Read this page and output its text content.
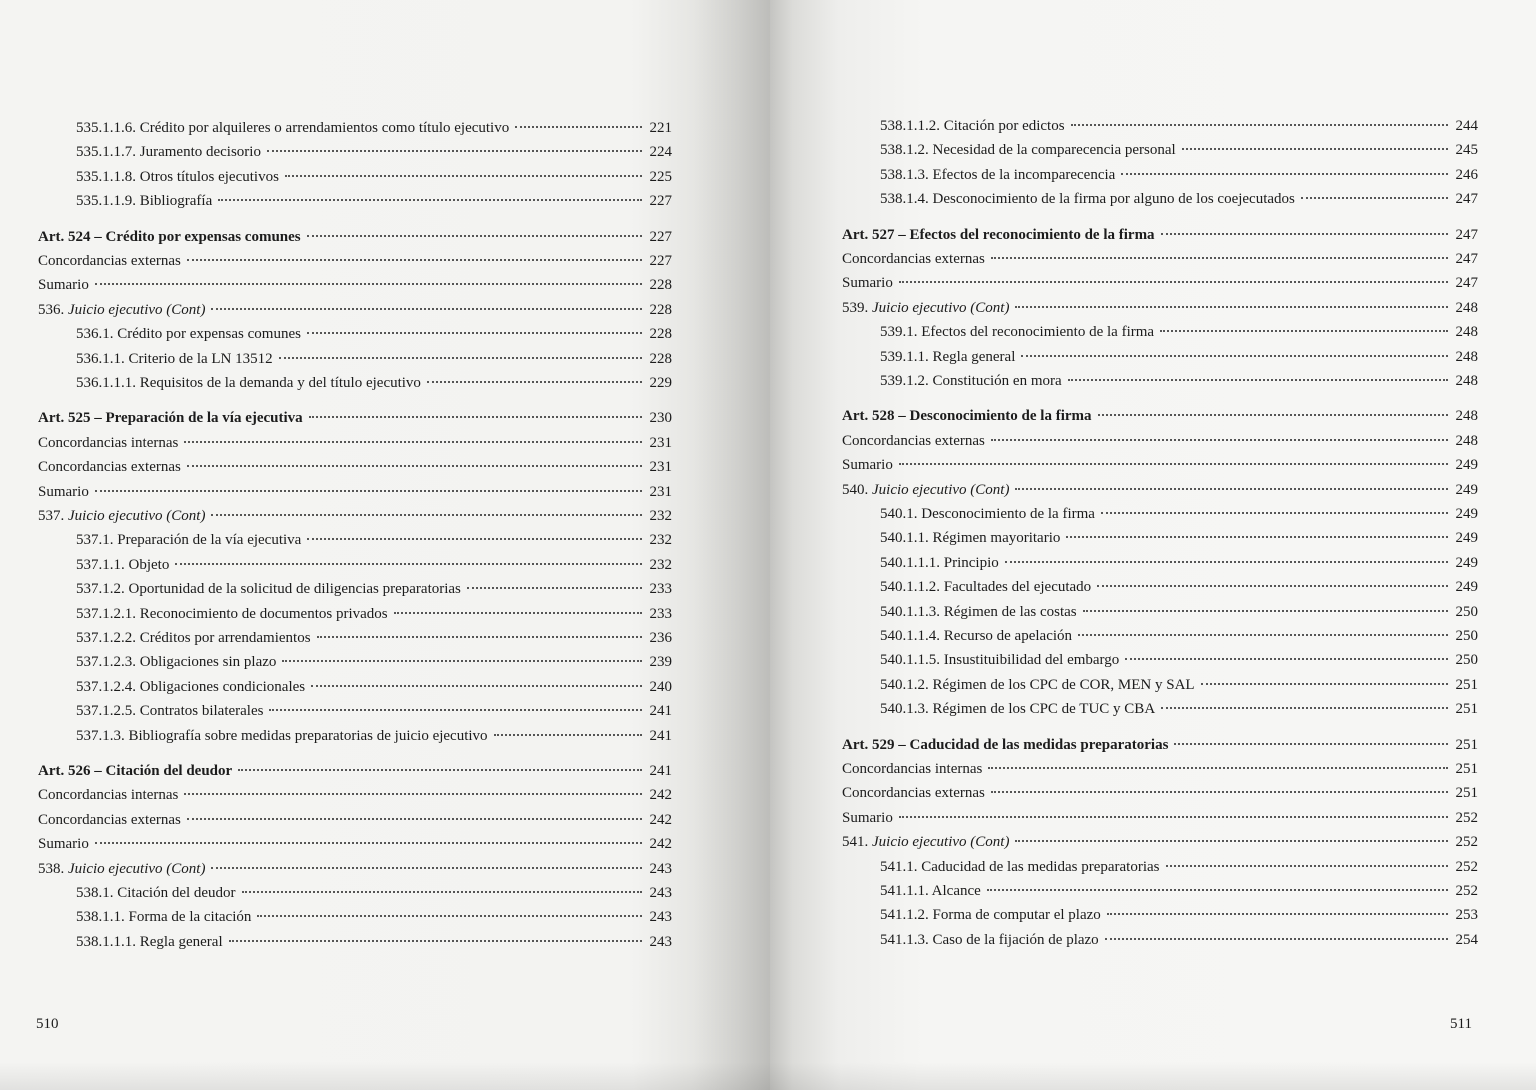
535.1.1.6. Crédito por alquileres o arrendamientos como título ejecutivo	221
535.1.1.7. Juramento decisorio	224
535.1.1.8. Otros títulos ejecutivos	225
535.1.1.9. Bibliografía	227
Art. 524 – Crédito por expensas comunes	227
Concordancias externas	227
Sumario	228
536. Juicio ejecutivo (Cont)	228
536.1. Crédito por expensas comunes	228
536.1.1. Criterio de la LN 13512	228
536.1.1.1. Requisitos de la demanda y del título ejecutivo	229
Art. 525 – Preparación de la vía ejecutiva	230
Concordancias internas	231
Concordancias externas	231
Sumario	231
537. Juicio ejecutivo (Cont)	232
537.1. Preparación de la vía ejecutiva	232
537.1.1. Objeto	232
537.1.2. Oportunidad de la solicitud de diligencias preparatorias	233
537.1.2.1. Reconocimiento de documentos privados	233
537.1.2.2. Créditos por arrendamientos	236
537.1.2.3. Obligaciones sin plazo	239
537.1.2.4. Obligaciones condicionales	240
537.1.2.5. Contratos bilaterales	241
537.1.3. Bibliografía sobre medidas preparatorias de juicio ejecutivo	241
Art. 526 – Citación del deudor	241
Concordancias internas	242
Concordancias externas	242
Sumario	242
538. Juicio ejecutivo (Cont)	243
538.1. Citación del deudor	243
538.1.1. Forma de la citación	243
538.1.1.1. Regla general	243
510
538.1.1.2. Citación por edictos	244
538.1.2. Necesidad de la comparecencia personal	245
538.1.3. Efectos de la incomparecencia	246
538.1.4. Desconocimiento de la firma por alguno de los coejecutados	247
Art. 527 – Efectos del reconocimiento de la firma	247
Concordancias externas	247
Sumario	247
539. Juicio ejecutivo (Cont)	248
539.1. Efectos del reconocimiento de la firma	248
539.1.1. Regla general	248
539.1.2. Constitución en mora	248
Art. 528 – Desconocimiento de la firma	248
Concordancias externas	248
Sumario	249
540. Juicio ejecutivo (Cont)	249
540.1. Desconocimiento de la firma	249
540.1.1. Régimen mayoritario	249
540.1.1.1. Principio	249
540.1.1.2. Facultades del ejecutado	249
540.1.1.3. Régimen de las costas	250
540.1.1.4. Recurso de apelación	250
540.1.1.5. Insustituibilidad del embargo	250
540.1.2. Régimen de los CPC de COR, MEN y SAL	251
540.1.3. Régimen de los CPC de TUC y CBA	251
Art. 529 – Caducidad de las medidas preparatorias	251
Concordancias internas	251
Concordancias externas	251
Sumario	252
541. Juicio ejecutivo (Cont)	252
541.1. Caducidad de las medidas preparatorias	252
541.1.1. Alcance	252
541.1.2. Forma de computar el plazo	253
541.1.3. Caso de la fijación de plazo	254
511
